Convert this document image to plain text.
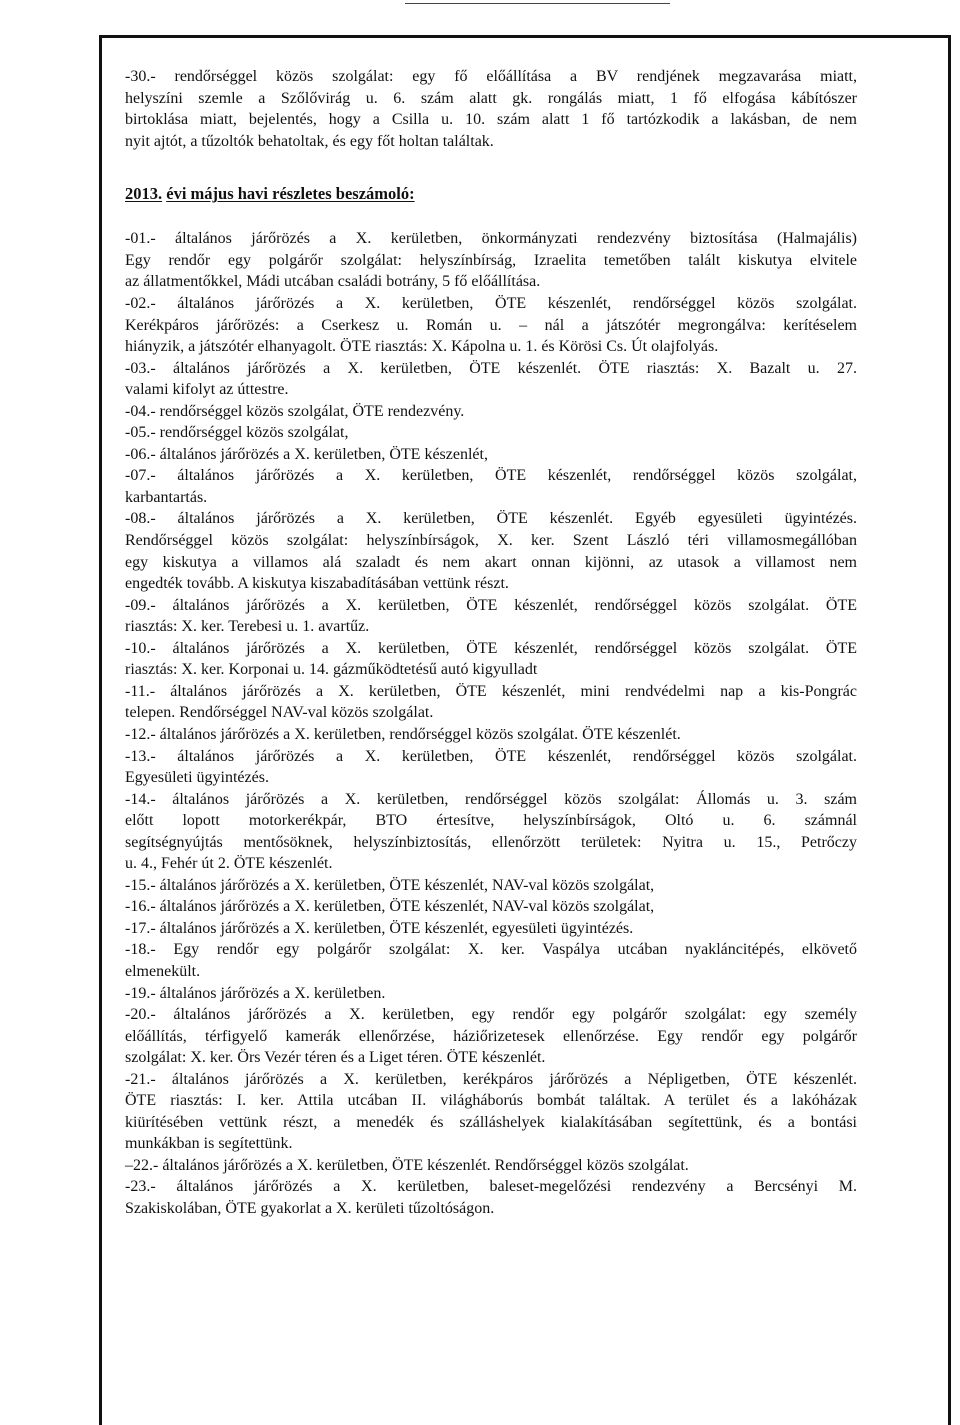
-30.- rendőrséggel közös szolgálat: egy fő előállítása a BV rendjének megzavarása miatt,
helyszíni szemle a Szőlővirág u. 6. szám alatt gk. rongálás miatt, 1 fő elfogása kábítószer
birtoklása miatt, bejelentés, hogy a Csilla u. 10. szám alatt 1 fő tartózkodik a lakásban, de nem
nyit ajtót, a tűzoltók behatoltak, és egy főt holtan találtak.

2013. évi május havi részletes beszámoló:

-01.- általános járőrözés a X. kerületben, önkormányzati rendezvény biztosítása (Halmajális)
Egy rendőr egy polgárőr szolgálat: helyszínbírság, Izraelita temetőben talált kiskutya elvitele
az állatmentőkkel, Mádi utcában családi botrány, 5 fő előállítása.
-02.- általános járőrözés a X. kerületben, ÖTE készenlét, rendőrséggel közös szolgálat.
Kerékpáros járőrözés: a Cserkesz u. Román u. – nál a játszótér megrongálva: kerítéselem
hiányzik, a játszótér elhanyagolt. ÖTE riasztás: X. Kápolna u. 1. és Körösi Cs. Út olajfolyás.
-03.- általános járőrözés a X. kerületben, ÖTE készenlét. ÖTE riasztás: X. Bazalt u. 27.
valami kifolyt az úttestre.
-04.- rendőrséggel közös szolgálat, ÖTE rendezvény.
-05.- rendőrséggel közös szolgálat,
-06.- általános járőrözés a X. kerületben, ÖTE készenlét,
-07.- általános járőrözés a X. kerületben, ÖTE készenlét, rendőrséggel közös szolgálat,
karbantartás.
-08.- általános járőrözés a X. kerületben, ÖTE készenlét. Egyéb egyesületi ügyintézés.
Rendőrséggel közös szolgálat: helyszínbírságok, X. ker. Szent László téri villamosmegállóban
egy kiskutya a villamos alá szaladt és nem akart onnan kijönni, az utasok a villamost nem
engedték tovább. A kiskutya kiszabadításában vettünk részt.
-09.- általános járőrözés a X. kerületben, ÖTE készenlét, rendőrséggel közös szolgálat. ÖTE
riasztás: X. ker. Terebesi u. 1. avartűz.
-10.- általános járőrözés a X. kerületben, ÖTE készenlét, rendőrséggel közös szolgálat. ÖTE
riasztás: X. ker. Korponai u. 14. gázműködtetésű autó kigyulladt
-11.- általános járőrözés a X. kerületben, ÖTE készenlét, mini rendvédelmi nap a kis-Pongrác
telepen. Rendőrséggel NAV-val közös szolgálat.
-12.- általános járőrözés a X. kerületben, rendőrséggel közös szolgálat. ÖTE készenlét.
-13.- általános járőrözés a X. kerületben, ÖTE készenlét, rendőrséggel közös szolgálat.
Egyesületi ügyintézés.
-14.- általános járőrözés a X. kerületben, rendőrséggel közös szolgálat: Állomás u. 3. szám
előtt lopott motorkerékpár, BTO értesítve, helyszínbírságok, Oltó u. 6. számnál
segítségnyújtás mentősöknek, helyszínbiztosítás, ellenőrzött területek: Nyitra u. 15., Petrőczy
u. 4., Fehér út 2. ÖTE készenlét.
-15.- általános járőrözés a X. kerületben, ÖTE készenlét, NAV-val közös szolgálat,
-16.- általános járőrözés a X. kerületben, ÖTE készenlét, NAV-val közös szolgálat,
-17.- általános járőrözés a X. kerületben, ÖTE készenlét, egyesületi ügyintézés.
-18.- Egy rendőr egy polgárőr szolgálat: X. ker. Vaspálya utcában nyakláncitépés, elkövető
elmenekült.
-19.- általános járőrözés a X. kerületben.
-20.- általános járőrözés a X. kerületben, egy rendőr egy polgárőr szolgálat: egy személy
előállítás, térfigyelő kamerák ellenőrzése, háziőrizetesek ellenőrzése. Egy rendőr egy polgárőr
szolgálat: X. ker. Örs Vezér téren és a Liget téren. ÖTE készenlét.
-21.- általános járőrözés a X. kerületben, kerékpáros járőrözés a Népligetben, ÖTE készenlét.
ÖTE riasztás: I. ker. Attila utcában II. világháborús bombát találtak. A terület és a lakóházak
kiürítésében vettünk részt, a menedék és szálláshelyek kialakításában segítettünk, és a bontási
munkákban is segítettünk.
–22.- általános járőrözés a X. kerületben, ÖTE készenlét. Rendőrséggel közös szolgálat.
-23.- általános járőrözés a X. kerületben, baleset-megelőzési rendezvény a Bercsényi M.
Szakiskolában, ÖTE gyakorlat a X. kerületi tűzoltóságon.
